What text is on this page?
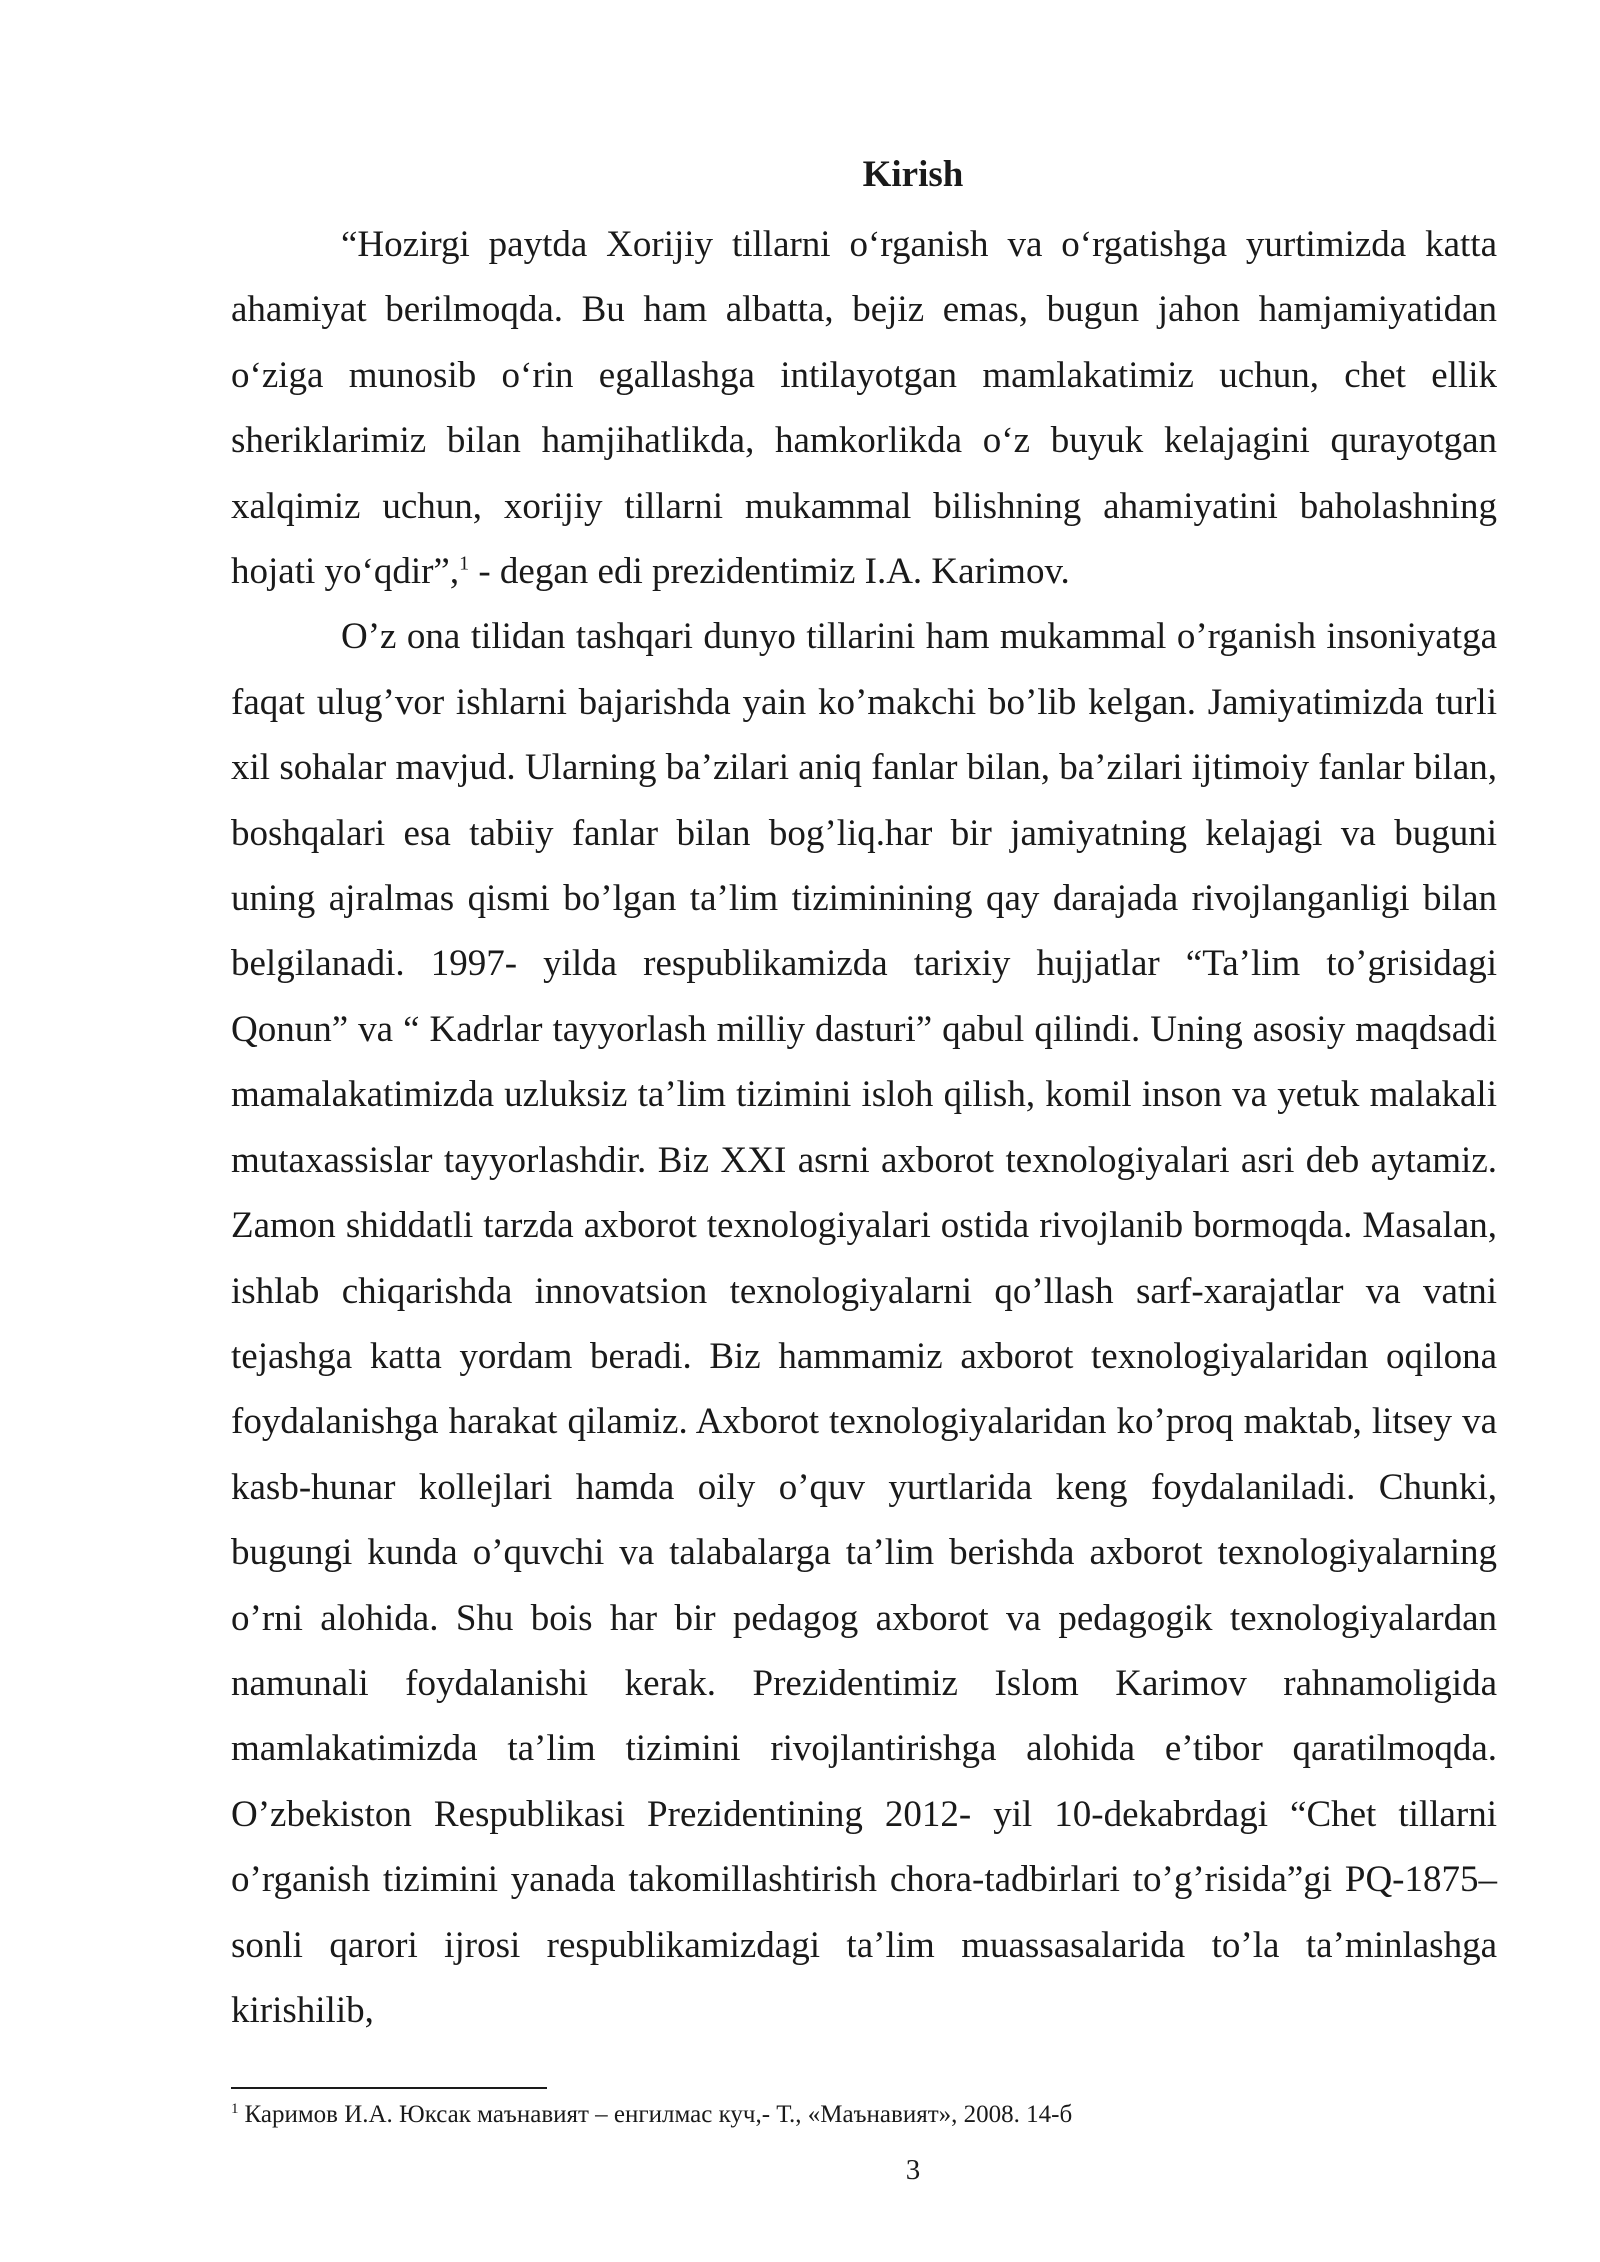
Kirish

“Hozirgi paytda Xorijiy tillarni o‘rganish va o‘rgatishga yurtimizda katta ahamiyat berilmoqda. Bu ham albatta, bejiz emas, bugun jahon hamjamiyatidan o‘ziga munosib o‘rin egallashga intilayotgan mamlakatimiz uchun, chet ellik sheriklarimiz bilan hamjihatlikda, hamkorlikda o‘z buyuk kelajagini qurayotgan xalqimiz uchun, xorijiy tillarni mukammal bilishning ahamiyatini baholashning hojati yo‘qdir”,$^1$ - degan edi prezidentimiz I.A. Karimov.

O’z ona tilidan tashqari dunyo tillarini ham mukammal o’rganish insoniyatga faqat ulug’vor ishlarni bajarishda yain ko’makchi bo’lib kelgan. Jamiyatimizda turli xil sohalar mavjud. Ularning ba’zilari aniq fanlar bilan, ba’zilari ijtimoiy fanlar bilan, boshqalari esa tabiiy fanlar bilan bog’liq.har bir jamiyatning kelajagi va buguni uning ajralmas qismi bo’lgan ta’lim tiziminining qay darajada rivojlanganligi bilan belgilanadi. 1997- yilda respublikamizda tarixiy hujjatlar “Ta’lim to’grisidagi Qonun” va “ Kadrlar tayyorlash milliy dasturi” qabul qilindi. Uning asosiy maqdsadi mamalakatimizda uzluksiz ta’lim tizimini isloh qilish, komil inson va yetuk malakali mutaxassislar tayyorlashdir. Biz XXI asrni axborot texnologiyalari asri deb aytamiz. Zamon shiddatli tarzda axborot texnologiyalari ostida rivojlanib bormoqda. Masalan, ishlab chiqarishda innovatsion texnologiyalarni qo’llash sarf-xarajatlar va vatni tejashga katta yordam beradi. Biz hammamiz axborot texnologiyalaridan oqilona foydalanishga harakat qilamiz. Axborot texnologiyalaridan ko’proq maktab, litsey va kasb-hunar kollejlari hamda oily o’quv yurtlarida keng foydalaniladi. Chunki, bugungi kunda o’quvchi va talabalarga ta’lim berishda axborot texnologiyalarning o’rni alohida. Shu bois har bir pedagog axborot va pedagogik texnologiyalardan namunali foydalanishi kerak. Prezidentimiz Islom Karimov rahnamoligida mamlakatimizda ta’lim tizimini rivojlantirishga alohida e’tibor qaratilmoqda. O’zbekiston Respublikasi Prezidentining 2012- yil 10-dekabrdagi “Chet tillarni o’rganish tizimini yanada takomillashtirish chora-tadbirlari to’g’risida”gi PQ-1875–sonli qarori ijrosi respublikamizdagi ta’lim muassasalarida to’la ta’minlashga kirishilib,

$^1$ Каримов И.А. Юксак маънавият – енгилмас куч,- Т., «Маънавият», 2008. 14-б
3
